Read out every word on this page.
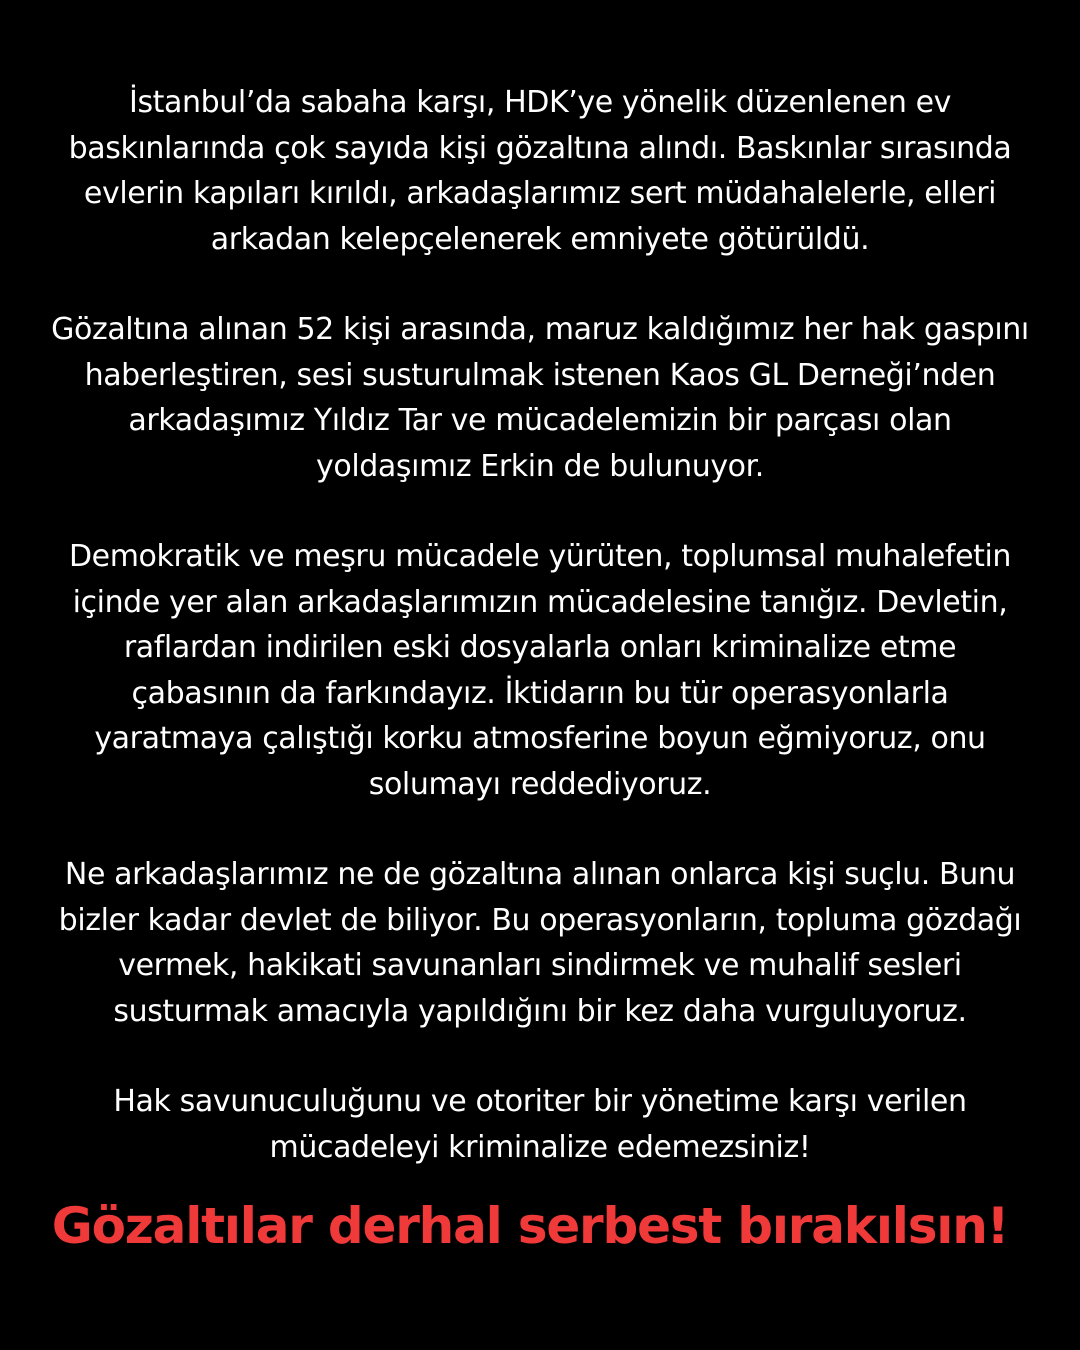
İstanbul’da sabaha karşı, HDK’ye yönelik düzenlenen ev
baskınlarında çok sayıda kişi gözaltına alındı. Baskınlar sırasında
evlerin kapıları kırıldı, arkadaşlarımız sert müdahalelerle, elleri
arkadan kelepçelenerek emniyete götürüldü.

Gözaltına alınan 52 kişi arasında, maruz kaldığımız her hak gaspını
haberleştiren, sesi susturulmak istenen Kaos GL Derneği’nden
arkadaşımız Yıldız Tar ve mücadelemizin bir parçası olan
yoldaşımız Erkin de bulunuyor.

Demokratik ve meşru mücadele yürüten, toplumsal muhalefetin
içinde yer alan arkadaşlarımızın mücadelesine tanığız. Devletin,
raflardan indirilen eski dosyalarla onları kriminalize etme
çabasının da farkındayız. İktidarın bu tür operasyonlarla
yaratmaya çalıştığı korku atmosferine boyun eğmiyoruz, onu
solumayı reddediyoruz.

Ne arkadaşlarımız ne de gözaltına alınan onlarca kişi suçlu. Bunu
bizler kadar devlet de biliyor. Bu operasyonların, topluma gözdağı
vermek, hakikati savunanları sindirmek ve muhalif sesleri
susturmak amacıyla yapıldığını bir kez daha vurguluyoruz.

Hak savunuculuğunu ve otoriter bir yönetime karşı verilen
mücadeleyi kriminalize edemezsiniz!

Gözaltılar derhal serbest bırakılsın!
